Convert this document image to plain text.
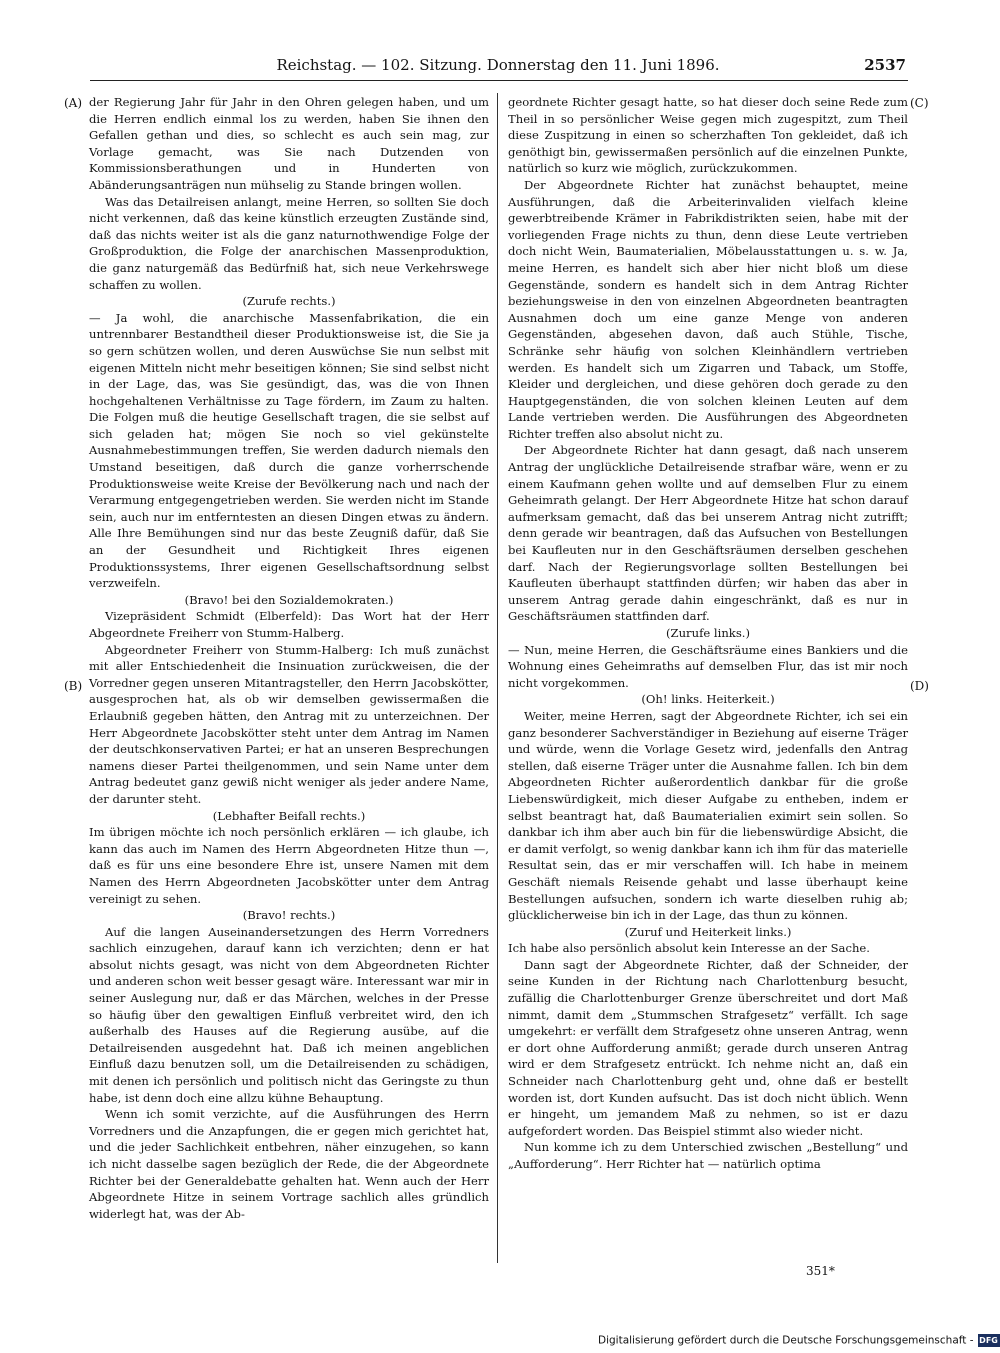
Reichstag. — 102. Sitzung. Donnerstag den 11. Juni 1896.	2537
(A)
(B)
(C)
(D)

der Regierung Jahr für Jahr in den Ohren gelegen haben, und um die Herren endlich einmal los zu werden, haben Sie ihnen den Gefallen gethan und dies, so schlecht es auch sein mag, zur Vorlage gemacht, was Sie nach Dutzenden von Kommissionsberathungen und in Hunderten von Abänderungsanträgen nun mühselig zu Stande bringen wollen.

Was das Detailreisen anlangt, meine Herren, so sollten Sie doch nicht verkennen, daß das keine künstlich erzeugten Zustände sind, daß das nichts weiter ist als die ganz naturnothwendige Folge der Großproduktion, die Folge der anarchischen Massenproduktion, die ganz naturgemäß das Bedürfniß hat, sich neue Verkehrswege schaffen zu wollen.

(Zurufe rechts.)

— Ja wohl, die anarchische Massenfabrikation, die ein untrennbarer Bestandtheil dieser Produktionsweise ist, die Sie ja so gern schützen wollen, und deren Auswüchse Sie nun selbst mit eigenen Mitteln nicht mehr beseitigen können; Sie sind selbst nicht in der Lage, das, was Sie gesündigt, das, was die von Ihnen hochgehaltenen Verhältnisse zu Tage fördern, im Zaum zu halten. Die Folgen muß die heutige Gesellschaft tragen, die sie selbst auf sich geladen hat; mögen Sie noch so viel gekünstelte Ausnahmebestimmungen treffen, Sie werden dadurch niemals den Umstand beseitigen, daß durch die ganze vorherrschende Produktionsweise weite Kreise der Bevölkerung nach und nach der Verarmung entgegengetrieben werden. Sie werden nicht im Stande sein, auch nur im entferntesten an diesen Dingen etwas zu ändern. Alle Ihre Bemühungen sind nur das beste Zeugniß dafür, daß Sie an der Gesundheit und Richtigkeit Ihres eigenen Produktionssystems, Ihrer eigenen Gesellschaftsordnung selbst verzweifeln.

(Bravo! bei den Sozialdemokraten.)

Vizepräsident Schmidt (Elberfeld): Das Wort hat der Herr Abgeordnete Freiherr von Stumm-Halberg.

Abgeordneter Freiherr von Stumm-Halberg: Ich muß zunächst mit aller Entschiedenheit die Insinuation zurückweisen, die der Vorredner gegen unseren Mitantragsteller, den Herrn Jacobskötter, ausgesprochen hat, als ob wir demselben gewissermaßen die Erlaubniß gegeben hätten, den Antrag mit zu unterzeichnen. Der Herr Abgeordnete Jacobskötter steht unter dem Antrag im Namen der deutschkonservativen Partei; er hat an unseren Besprechungen namens dieser Partei theilgenommen, und sein Name unter dem Antrag bedeutet ganz gewiß nicht weniger als jeder andere Name, der darunter steht.

(Lebhafter Beifall rechts.)

Im übrigen möchte ich noch persönlich erklären — ich glaube, ich kann das auch im Namen des Herrn Abgeordneten Hitze thun —, daß es für uns eine besondere Ehre ist, unsere Namen mit dem Namen des Herrn Abgeordneten Jacobskötter unter dem Antrag vereinigt zu sehen.

(Bravo! rechts.)

Auf die langen Auseinandersetzungen des Herrn Vorredners sachlich einzugehen, darauf kann ich verzichten; denn er hat absolut nichts gesagt, was nicht von dem Abgeordneten Richter und anderen schon weit besser gesagt wäre. Interessant war mir in seiner Auslegung nur, daß er das Märchen, welches in der Presse so häufig über den gewaltigen Einfluß verbreitet wird, den ich außerhalb des Hauses auf die Regierung ausübe, auf die Detailreisenden ausgedehnt hat. Daß ich meinen angeblichen Einfluß dazu benutzen soll, um die Detailreisenden zu schädigen, mit denen ich persönlich und politisch nicht das Geringste zu thun habe, ist denn doch eine allzu kühne Behauptung.

Wenn ich somit verzichte, auf die Ausführungen des Herrn Vorredners und die Anzapfungen, die er gegen mich gerichtet hat, und die jeder Sachlichkeit entbehren, näher einzugehen, so kann ich nicht dasselbe sagen bezüglich der Rede, die der Abgeordnete Richter bei der Generaldebatte gehalten hat. Wenn auch der Herr Abgeordnete Hitze in seinem Vortrage sachlich alles gründlich widerlegt hat, was der Ab-

geordnete Richter gesagt hatte, so hat dieser doch seine Rede zum Theil in so persönlicher Weise gegen mich zugespitzt, zum Theil diese Zuspitzung in einen so scherzhaften Ton gekleidet, daß ich genöthigt bin, gewissermaßen persönlich auf die einzelnen Punkte, natürlich so kurz wie möglich, zurückzukommen.

Der Abgeordnete Richter hat zunächst behauptet, meine Ausführungen, daß die Arbeiterinvaliden vielfach kleine gewerbtreibende Krämer in Fabrikdistrikten seien, habe mit der vorliegenden Frage nichts zu thun, denn diese Leute vertrieben doch nicht Wein, Baumaterialien, Möbelausstattungen u. s. w. Ja, meine Herren, es handelt sich aber hier nicht bloß um diese Gegenstände, sondern es handelt sich in dem Antrag Richter beziehungsweise in den von einzelnen Abgeordneten beantragten Ausnahmen doch um eine ganze Menge von anderen Gegenständen, abgesehen davon, daß auch Stühle, Tische, Schränke sehr häufig von solchen Kleinhändlern vertrieben werden. Es handelt sich um Zigarren und Taback, um Stoffe, Kleider und dergleichen, und diese gehören doch gerade zu den Hauptgegenständen, die von solchen kleinen Leuten auf dem Lande vertrieben werden. Die Ausführungen des Abgeordneten Richter treffen also absolut nicht zu.

Der Abgeordnete Richter hat dann gesagt, daß nach unserem Antrag der unglückliche Detailreisende strafbar wäre, wenn er zu einem Kaufmann gehen wollte und auf demselben Flur zu einem Geheimrath gelangt. Der Herr Abgeordnete Hitze hat schon darauf aufmerksam gemacht, daß das bei unserem Antrag nicht zutrifft; denn gerade wir beantragen, daß das Aufsuchen von Bestellungen bei Kaufleuten nur in den Geschäftsräumen derselben geschehen darf. Nach der Regierungsvorlage sollten Bestellungen bei Kaufleuten überhaupt stattfinden dürfen; wir haben das aber in unserem Antrag gerade dahin eingeschränkt, daß es nur in Geschäftsräumen stattfinden darf.

(Zurufe links.)

— Nun, meine Herren, die Geschäftsräume eines Bankiers und die Wohnung eines Geheimraths auf demselben Flur, das ist mir noch nicht vorgekommen.

(Oh! links. Heiterkeit.)

Weiter, meine Herren, sagt der Abgeordnete Richter, ich sei ein ganz besonderer Sachverständiger in Beziehung auf eiserne Träger und würde, wenn die Vorlage Gesetz wird, jedenfalls den Antrag stellen, daß eiserne Träger unter die Ausnahme fallen. Ich bin dem Abgeordneten Richter außerordentlich dankbar für die große Liebenswürdigkeit, mich dieser Aufgabe zu entheben, indem er selbst beantragt hat, daß Baumaterialien eximirt sein sollen. So dankbar ich ihm aber auch bin für die liebenswürdige Absicht, die er damit verfolgt, so wenig dankbar kann ich ihm für das materielle Resultat sein, das er mir verschaffen will. Ich habe in meinem Geschäft niemals Reisende gehabt und lasse überhaupt keine Bestellungen aufsuchen, sondern ich warte dieselben ruhig ab; glücklicherweise bin ich in der Lage, das thun zu können.

(Zuruf und Heiterkeit links.)

Ich habe also persönlich absolut kein Interesse an der Sache.

Dann sagt der Abgeordnete Richter, daß der Schneider, der seine Kunden in der Richtung nach Charlottenburg besucht, zufällig die Charlottenburger Grenze überschreitet und dort Maß nimmt, damit dem „Stummschen Strafgesetz“ verfällt. Ich sage umgekehrt: er verfällt dem Strafgesetz ohne unseren Antrag, wenn er dort ohne Aufforderung anmißt; gerade durch unseren Antrag wird er dem Strafgesetz entrückt. Ich nehme nicht an, daß ein Schneider nach Charlottenburg geht und, ohne daß er bestellt worden ist, dort Kunden aufsucht. Das ist doch nicht üblich. Wenn er hingeht, um jemandem Maß zu nehmen, so ist er dazu aufgefordert worden. Das Beispiel stimmt also wieder nicht.

Nun komme ich zu dem Unterschied zwischen „Bestellung“ und „Aufforderung“. Herr Richter hat — natürlich optima

351*
Digitalisierung gefördert durch die Deutsche Forschungsgemeinschaft - DFG
